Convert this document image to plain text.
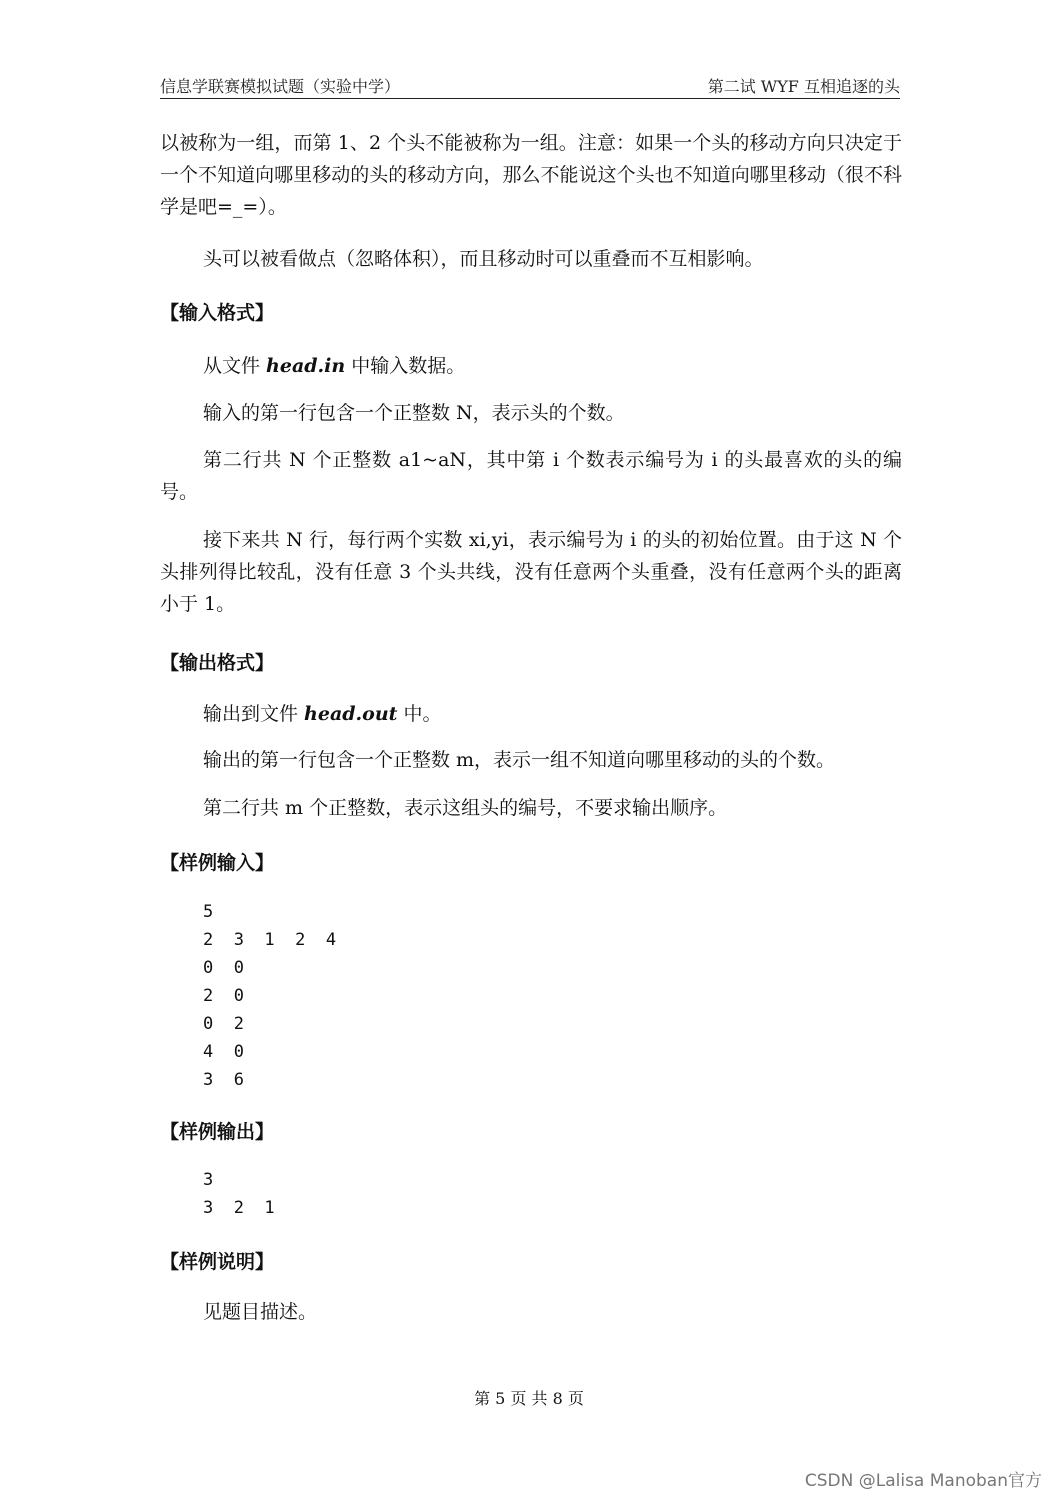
信息学联赛模拟试题（实验中学）	第二试 WYF 互相追逐的头

以被称为一组，而第 1、2 个头不能被称为一组。注意：如果一个头的移动方向只决定于一个不知道向哪里移动的头的移动方向，那么不能说这个头也不知道向哪里移动（很不科学是吧=_=）。

头可以被看做点（忽略体积），而且移动时可以重叠而不互相影响。

【输入格式】

从文件 head.in 中输入数据。

输入的第一行包含一个正整数 N，表示头的个数。

第二行共 N 个正整数 a1~aN，其中第 i 个数表示编号为 i 的头最喜欢的头的编号。

接下来共 N 行，每行两个实数 xi,yi，表示编号为 i 的头的初始位置。由于这 N 个头排列得比较乱，没有任意 3 个头共线，没有任意两个头重叠，没有任意两个头的距离小于 1。

【输出格式】

输出到文件 head.out 中。

输出的第一行包含一个正整数 m，表示一组不知道向哪里移动的头的个数。

第二行共 m 个正整数，表示这组头的编号，不要求输出顺序。

【样例输入】
5
2  3  1  2  4
0  0
2  0
0  2
4  0
3  6
【样例输出】
3
3  2  1
【样例说明】

见题目描述。

第 5 页 共 8 页
CSDN @Lalisa Manoban官方
